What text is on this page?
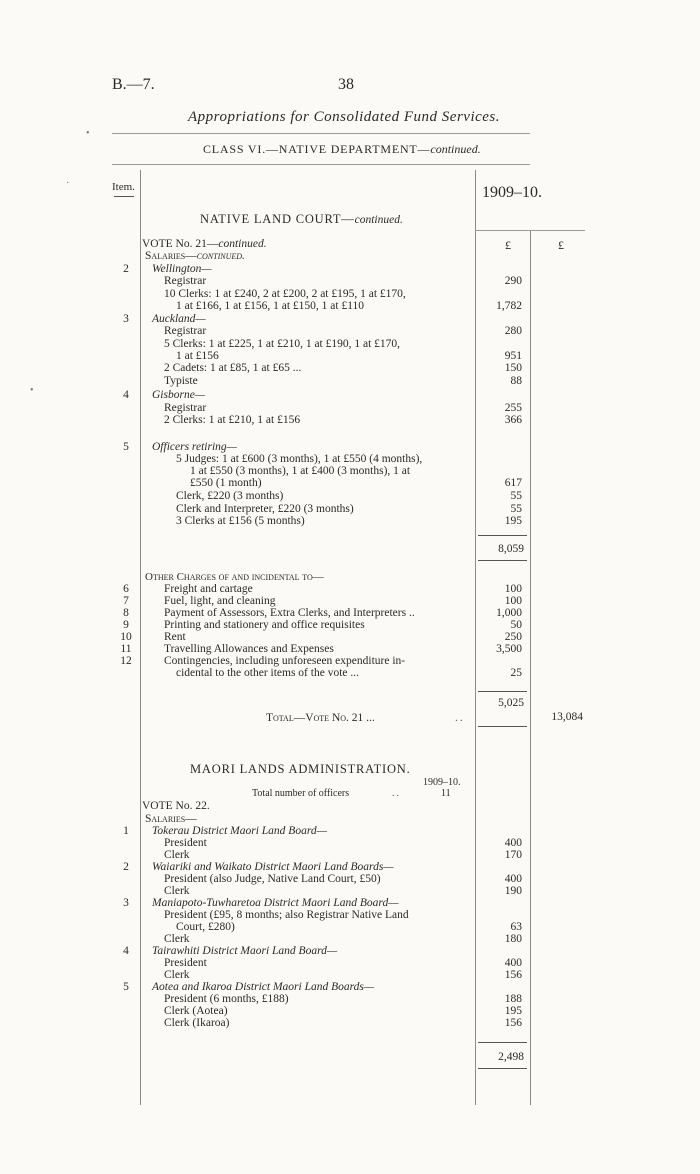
B.—7.	38
Appropriations for Consolidated Fund Services.
CLASS VI.—NATIVE DEPARTMENT—continued.
Item.	1909–10.
£	£
NATIVE LAND COURT—continued.
VOTE No. 21—continued.
Salaries—continued.
2	Wellington—
Registrar	290
10 Clerks: 1 at £240, 2 at £200, 2 at £195, 1 at £170,
1 at £166, 1 at £156, 1 at £150, 1 at £110	1,782
3	Auckland—
Registrar	280
5 Clerks: 1 at £225, 1 at £210, 1 at £190, 1 at £170,
1 at £156	951
2 Cadets: 1 at £85, 1 at £65 ...	150
Typiste	88
4	Gisborne—
Registrar	255
2 Clerks: 1 at £210, 1 at £156	366
5	Officers retiring—
5 Judges: 1 at £600 (3 months), 1 at £550 (4 months),
1 at £550 (3 months), 1 at £400 (3 months), 1 at
£550 (1 month)	617
Clerk, £220 (3 months)	55
Clerk and Interpreter, £220 (3 months)	55
3 Clerks at £156 (5 months)	195
8,059
Other Charges of and incidental to—
6	Freight and cartage	100
7	Fuel, light, and cleaning	100
8	Payment of Assessors, Extra Clerks, and Interpreters ..	1,000
9	Printing and stationery and office requisites	50
10	Rent	250
11	Travelling Allowances and Expenses	3,500
12	Contingencies, including unforeseen expenditure in-
cidental to the other items of the vote ...	25
5,025
Total—Vote No. 21 ...	..	13,084
MAORI LANDS ADMINISTRATION.
1909–10.
Total number of officers	..	11
VOTE No. 22.
Salaries—
1	Tokerau District Maori Land Board—
President	400
Clerk	170
2	Waiariki and Waikato District Maori Land Boards—
President (also Judge, Native Land Court, £50)	400
Clerk	190
3	Maniapoto-Tuwharetoa District Maori Land Board—
President (£95, 8 months; also Registrar Native Land
Court, £280)	63
Clerk	180
4	Tairawhiti District Maori Land Board—
President	400
Clerk	156
5	Aotea and Ikaroa District Maori Land Boards—
President (6 months, £188)	188
Clerk (Aotea)	195
Clerk (Ikaroa)	156
2,498
•
·
•
